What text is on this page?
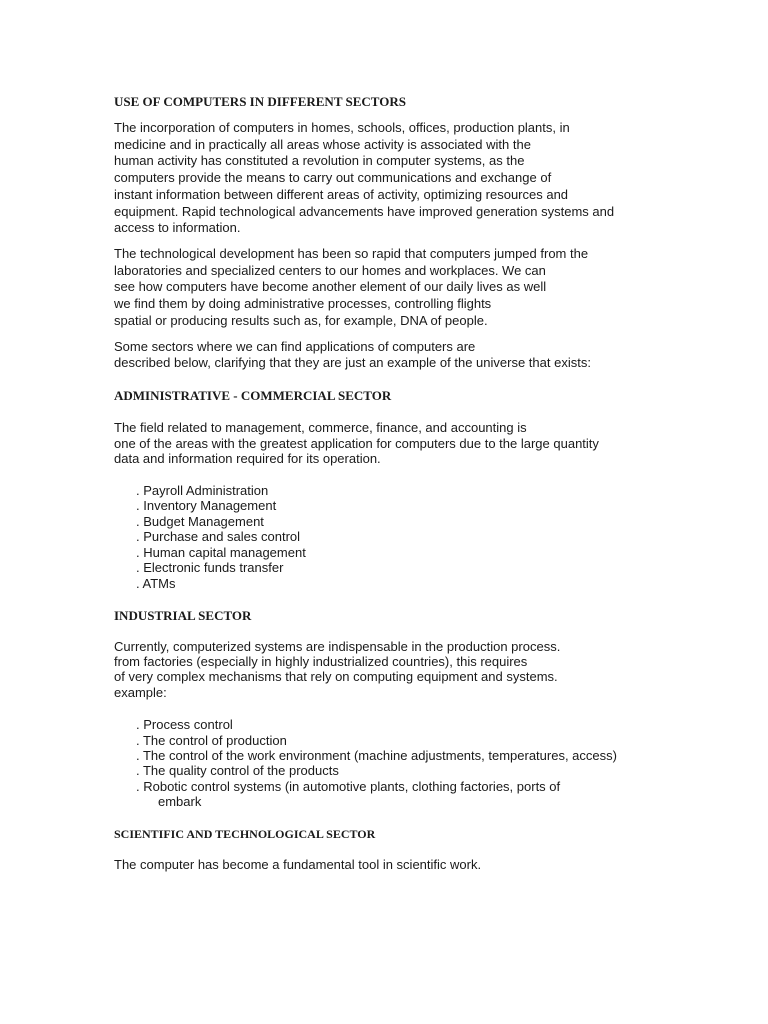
USE OF COMPUTERS IN DIFFERENT SECTORS
The incorporation of computers in homes, schools, offices, production plants, in
medicine and in practically all areas whose activity is associated with the
human activity has constituted a revolution in computer systems, as the
computers provide the means to carry out communications and exchange of
instant information between different areas of activity, optimizing resources and
equipment. Rapid technological advancements have improved generation systems and
access to information.
The technological development has been so rapid that computers jumped from the
laboratories and specialized centers to our homes and workplaces. We can
see how computers have become another element of our daily lives as well
we find them by doing administrative processes, controlling flights
spatial or producing results such as, for example, DNA of people.
Some sectors where we can find applications of computers are
described below, clarifying that they are just an example of the universe that exists:
ADMINISTRATIVE - COMMERCIAL SECTOR
The field related to management, commerce, finance, and accounting is
one of the areas with the greatest application for computers due to the large quantity
data and information required for its operation.
. Payroll Administration
. Inventory Management
. Budget Management
. Purchase and sales control
. Human capital management
. Electronic funds transfer
. ATMs
INDUSTRIAL SECTOR
Currently, computerized systems are indispensable in the production process.
from factories (especially in highly industrialized countries), this requires
of very complex mechanisms that rely on computing equipment and systems.
example:
. Process control
. The control of production
. The control of the work environment (machine adjustments, temperatures, access)
. The quality control of the products
. Robotic control systems (in automotive plants, clothing factories, ports of
embark
SCIENTIFIC AND TECHNOLOGICAL SECTOR
The computer has become a fundamental tool in scientific work.
